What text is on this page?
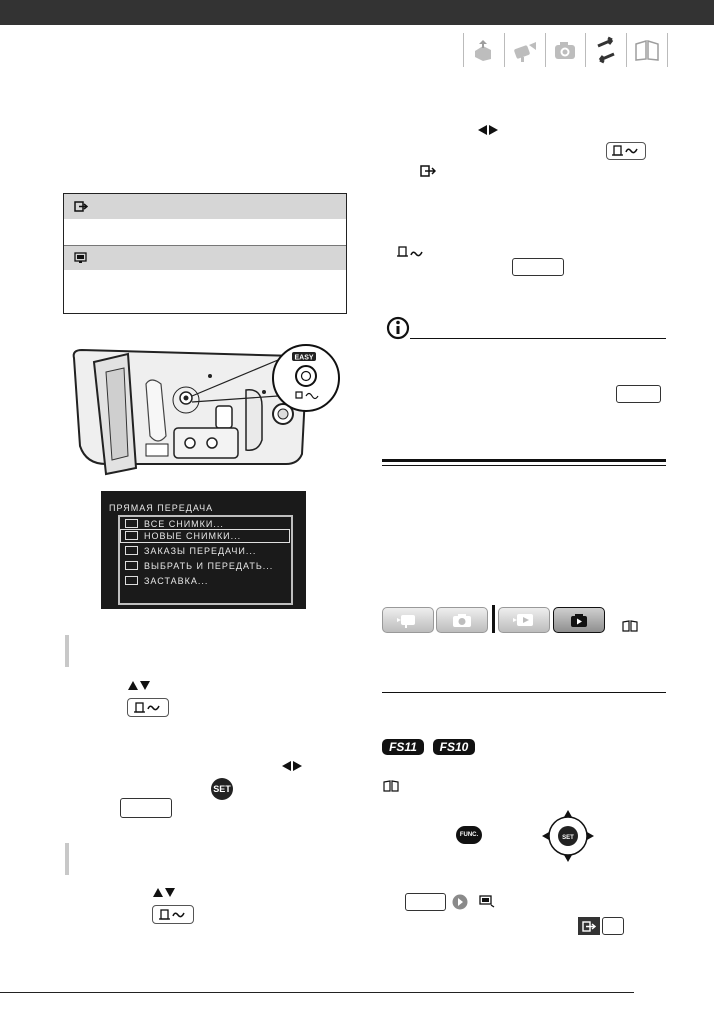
EASY
ПРЯМАЯ ПЕРЕДАЧА
ВСЕ СНИМКИ...
НОВЫЕ СНИМКИ...
ЗАКАЗЫ ПЕРЕДАЧИ...
ВЫБРАТЬ И ПЕРЕДАТЬ...
ЗАСТАВКА...
SET
FS11	FS10
FUNC.	SET
